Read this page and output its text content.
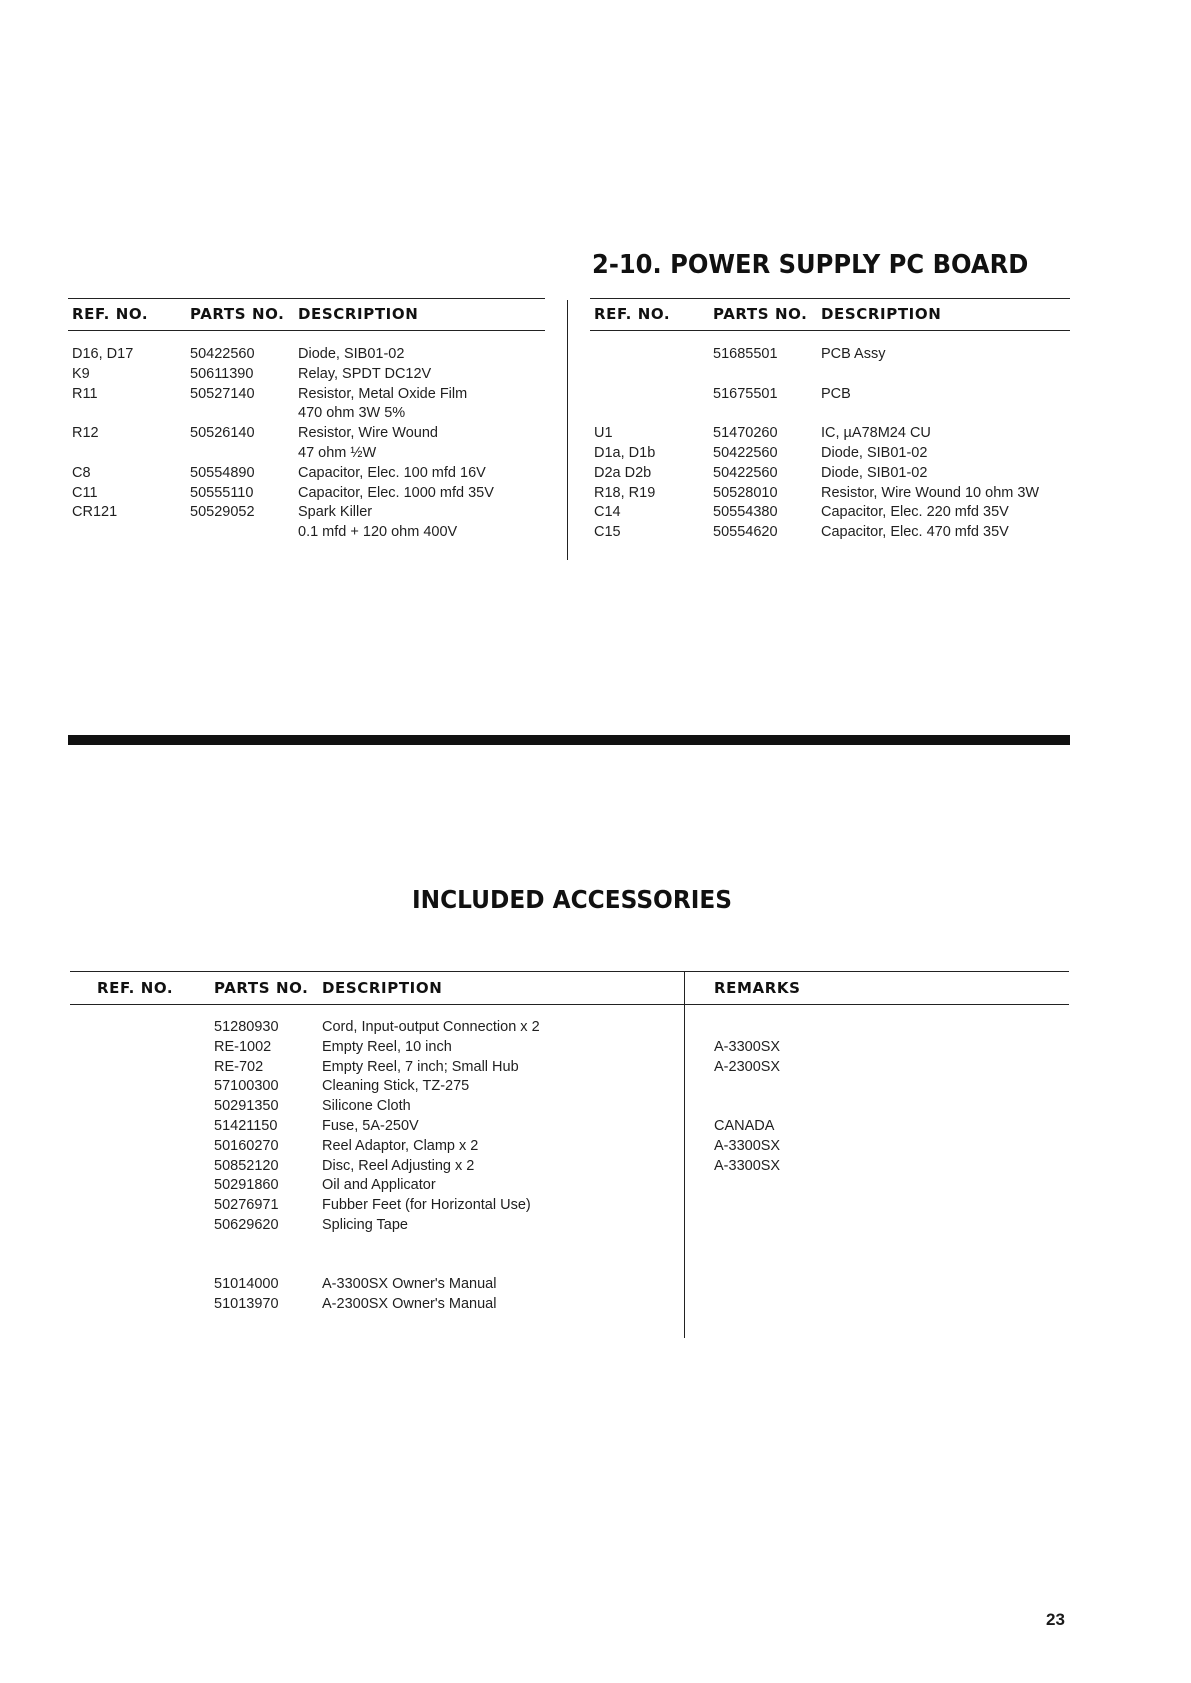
2-10. POWER SUPPLY PC BOARD
REF. NO.	PARTS NO. DESCRIPTION
D16, D17	50422560	Diode, SIB01-02
K9	50611390	Relay, SPDT DC12V
R11	50527140	Resistor, Metal Oxide Film
470 ohm 3W 5%
R12	50526140	Resistor, Wire Wound
47 ohm ½W
C8	50554890	Capacitor, Elec. 100 mfd 16V
C11	50555110	Capacitor, Elec. 1000 mfd 35V
CR121	50529052	Spark Killer
0.1 mfd + 120 ohm 400V
REF. NO.	PARTS NO. DESCRIPTION
51685501	PCB Assy
51675501	PCB
U1	51470260	IC, µA78M24 CU
D1a, D1b	50422560	Diode, SIB01-02
D2a D2b	50422560	Diode, SIB01-02
R18, R19	50528010	Resistor, Wire Wound 10 ohm 3W
C14	50554380	Capacitor, Elec. 220 mfd 35V
C15	50554620	Capacitor, Elec. 470 mfd 35V
INCLUDED ACCESSORIES
REF. NO.	PARTS NO. DESCRIPTION	REMARKS
51280930	Cord, Input-output Connection x 2
RE-1002	Empty Reel, 10 inch	A-3300SX
RE-702	Empty Reel, 7 inch; Small Hub	A-2300SX
57100300	Cleaning Stick, TZ-275
50291350	Silicone Cloth
51421150	Fuse, 5A-250V	CANADA
50160270	Reel Adaptor, Clamp x 2	A-3300SX
50852120	Disc, Reel Adjusting x 2	A-3300SX
50291860	Oil and Applicator
50276971	Fubber Feet (for Horizontal Use)
50629620	Splicing Tape
51014000	A-3300SX Owner's Manual
51013970	A-2300SX Owner's Manual
23
